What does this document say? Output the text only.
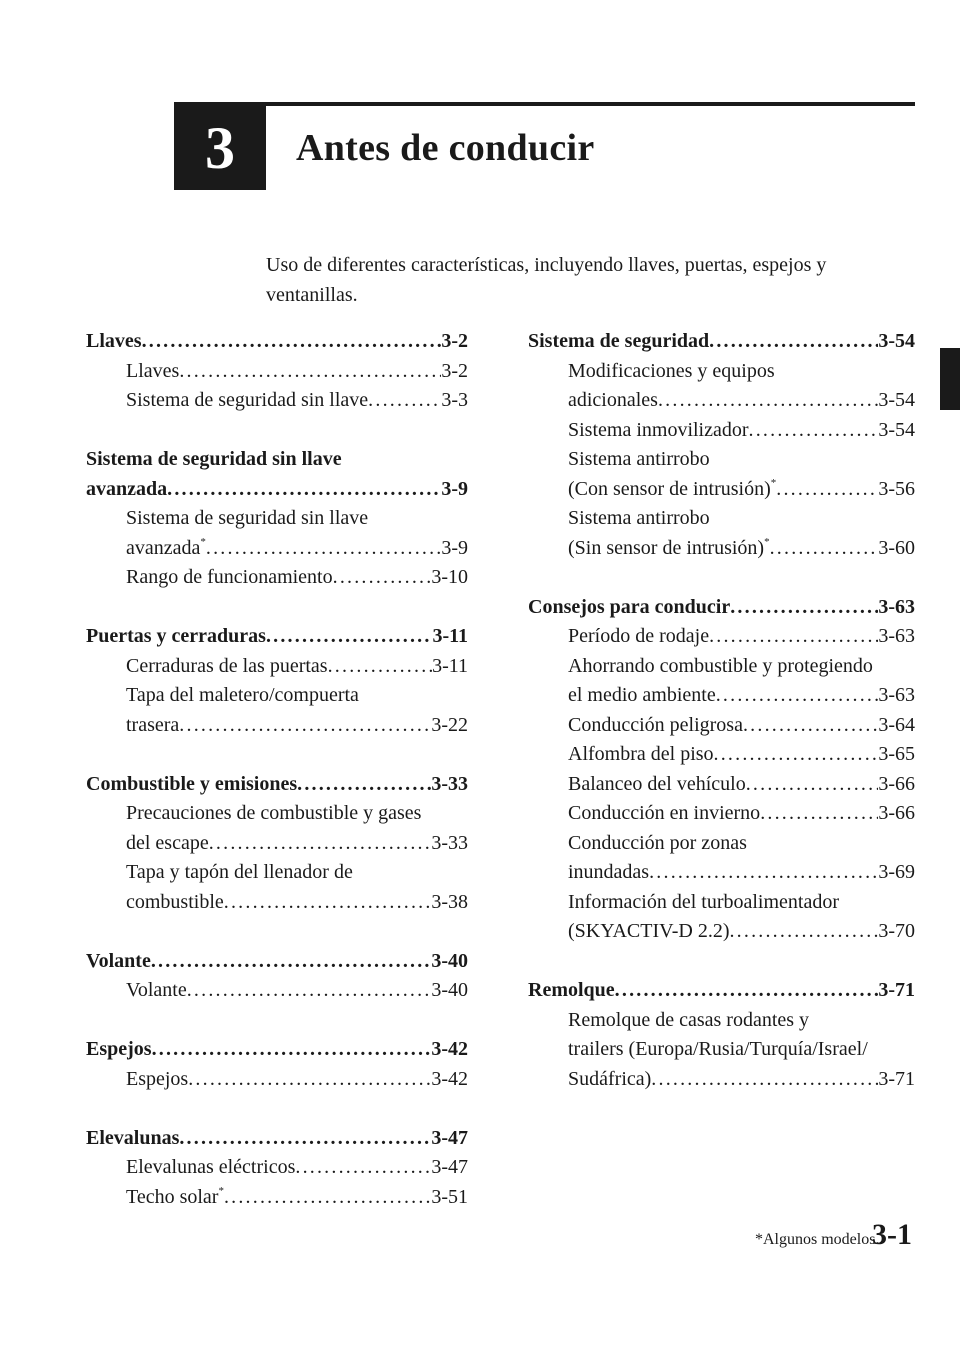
3	Antes de conducir
Uso de diferentes características, incluyendo llaves, puertas, espejos y ventanillas.
Llaves . . .	3-2
Llaves . . .	3-2
Sistema de seguridad sin llave . . .	3-3
Sistema de seguridad sin llave
avanzada . . .	3-9
Sistema de seguridad sin llave
avanzada* . . .	3-9
Rango de funcionamiento . . .	3-10
Puertas y cerraduras . . .	3-11
Cerraduras de las puertas . . .	3-11
Tapa del maletero/compuerta
trasera . . .	3-22
Combustible y emisiones . . .	3-33
Precauciones de combustible y gases
del escape . . .	3-33
Tapa y tapón del llenador de
combustible . . .	3-38
Volante . . .	3-40
Volante . . .	3-40
Espejos . . .	3-42
Espejos . . .	3-42
Elevalunas . . .	3-47
Elevalunas eléctricos . . .	3-47
Techo solar* . . .	3-51
Sistema de seguridad . . .	3-54
Modificaciones y equipos
adicionales . . .	3-54
Sistema inmovilizador . . .	3-54
Sistema antirrobo
(Con sensor de intrusión)* . . .	3-56
Sistema antirrobo
(Sin sensor de intrusión)* . . .	3-60
Consejos para conducir . . .	3-63
Período de rodaje . . .	3-63
Ahorrando combustible y protegiendo
el medio ambiente . . .	3-63
Conducción peligrosa . . .	3-64
Alfombra del piso . . .	3-65
Balanceo del vehículo . . .	3-66
Conducción en invierno . . .	3-66
Conducción por zonas
inundadas . . .	3-69
Información del turboalimentador
(SKYACTIV-D 2.2) . . .	3-70
Remolque . . .	3-71
Remolque de casas rodantes y
trailers (Europa/Rusia/Turquía/Israel/
Sudáfrica) . . .	3-71
*Algunos modelos.
3-1
